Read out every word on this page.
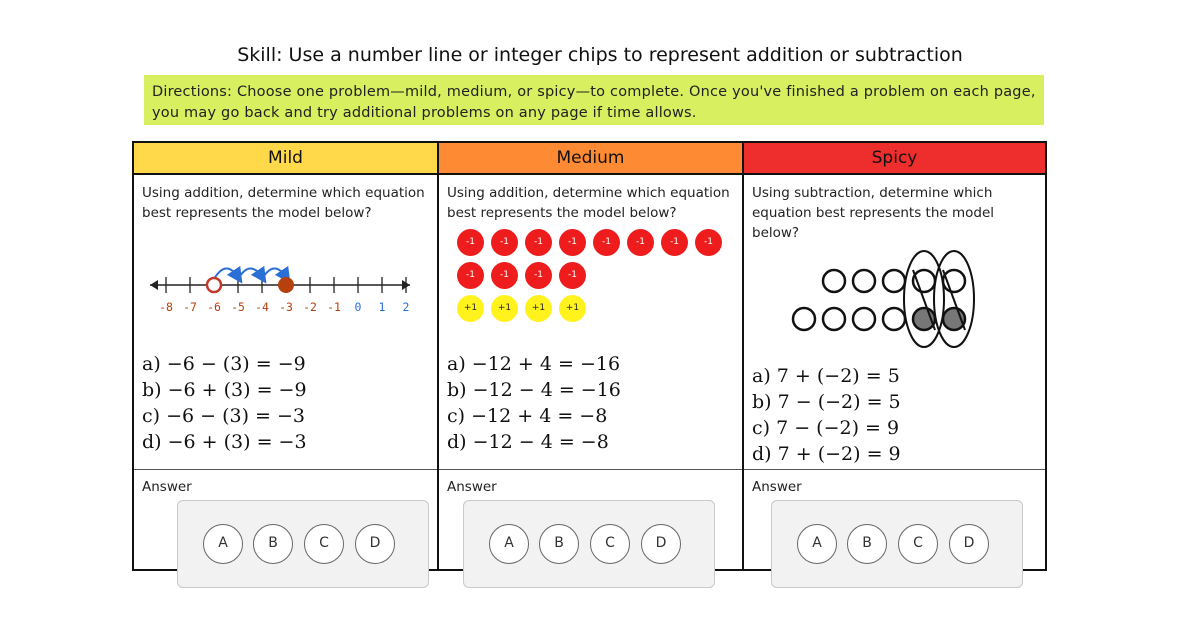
Skill: Use a number line or integer chips to represent addition or subtraction
Directions: Choose one problem—mild, medium, or spicy—to complete. Once you've finished a problem on each page, you may go back and try additional problems on any page if time allows.
Mild
Using addition, determine which equation best represents the model below?
-8 -7 -6 -5 -4 -3 -2 -1 0 1 2
a) −6 − (3) = −9
b) −6 + (3) = −9
c) −6 − (3) = −3
d) −6 + (3) = −3
Answer
Medium
Using addition, determine which equation best represents the model below?
-1	-1	-1	-1	-1	-1	-1	-1
-1	-1	-1	-1
+1	+1	+1	+1
a) −12 + 4 = −16
b) −12 − 4 = −16
c) −12 + 4 = −8
d) −12 − 4 = −8
Answer
Spicy
Using subtraction, determine which equation best represents the model below?
a) 7 + (−2) = 5
b) 7 − (−2) = 5
c) 7 − (−2) = 9
d) 7 + (−2) = 9
Answer
A	B	C	D	A	B	C	D	A	B	C	D
